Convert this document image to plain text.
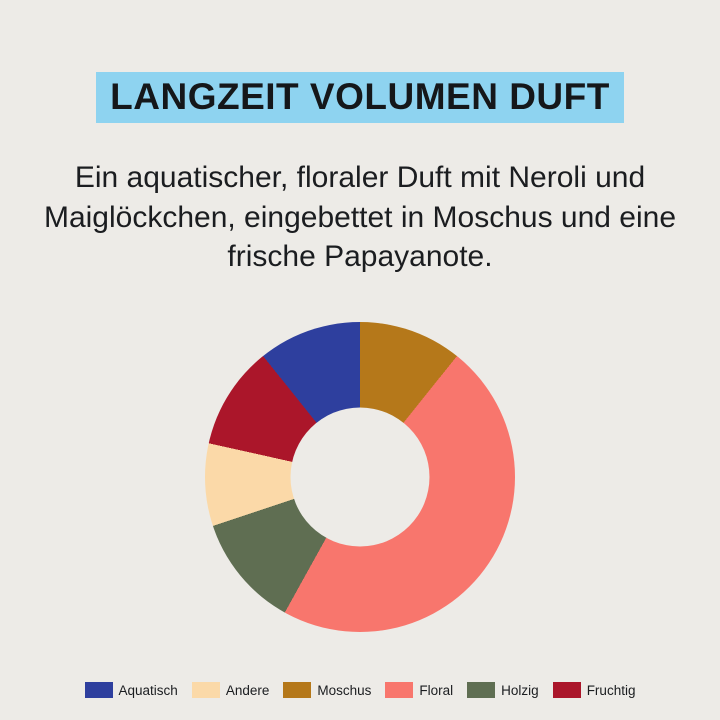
LANGZEIT VOLUMEN DUFT
Ein aquatischer, floraler Duft mit Neroli und Maiglöckchen, eingebettet in Moschus und eine frische Papayanote.
Aquatisch	Andere	Moschus	Floral	Holzig	Fruchtig
